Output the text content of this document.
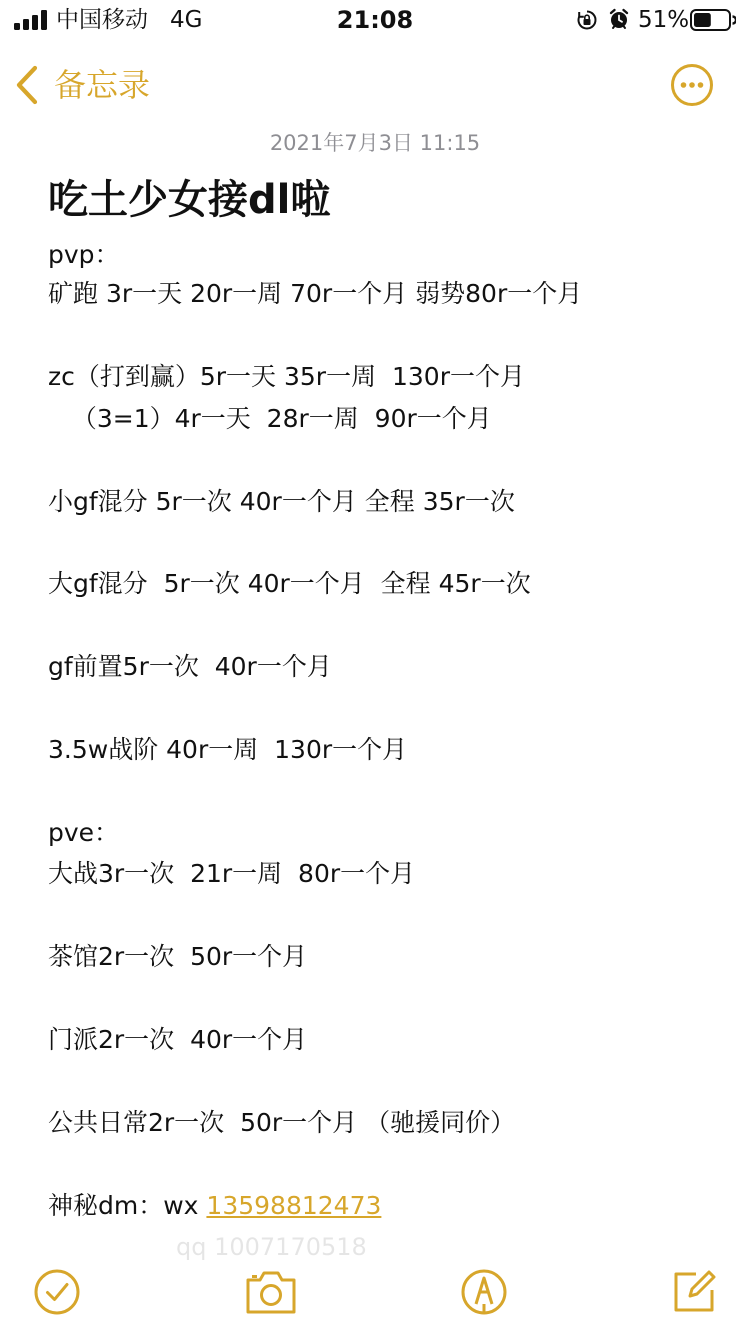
中国移动 4G	21:08	51%
备忘录
2021年7月3日 11:15
吃土少女接dl啦
pvp：
矿跑 3r一天 20r一周 70r一个月 弱势80r一个月
zc（打到赢）5r一天 35r一周  130r一个月
（3=1）4r一天  28r一周  90r一个月
小gf混分 5r一次 40r一个月 全程 35r一次
大gf混分  5r一次 40r一个月  全程 45r一次
gf前置5r一次  40r一个月
3.5w战阶 40r一周  130r一个月
pve：
大战3r一次  21r一周  80r一个月
茶馆2r一次  50r一个月
门派2r一次  40r一个月
公共日常2r一次  50r一个月 （驰援同价）
神秘dm：wx 13598812473
qq 1007170518
